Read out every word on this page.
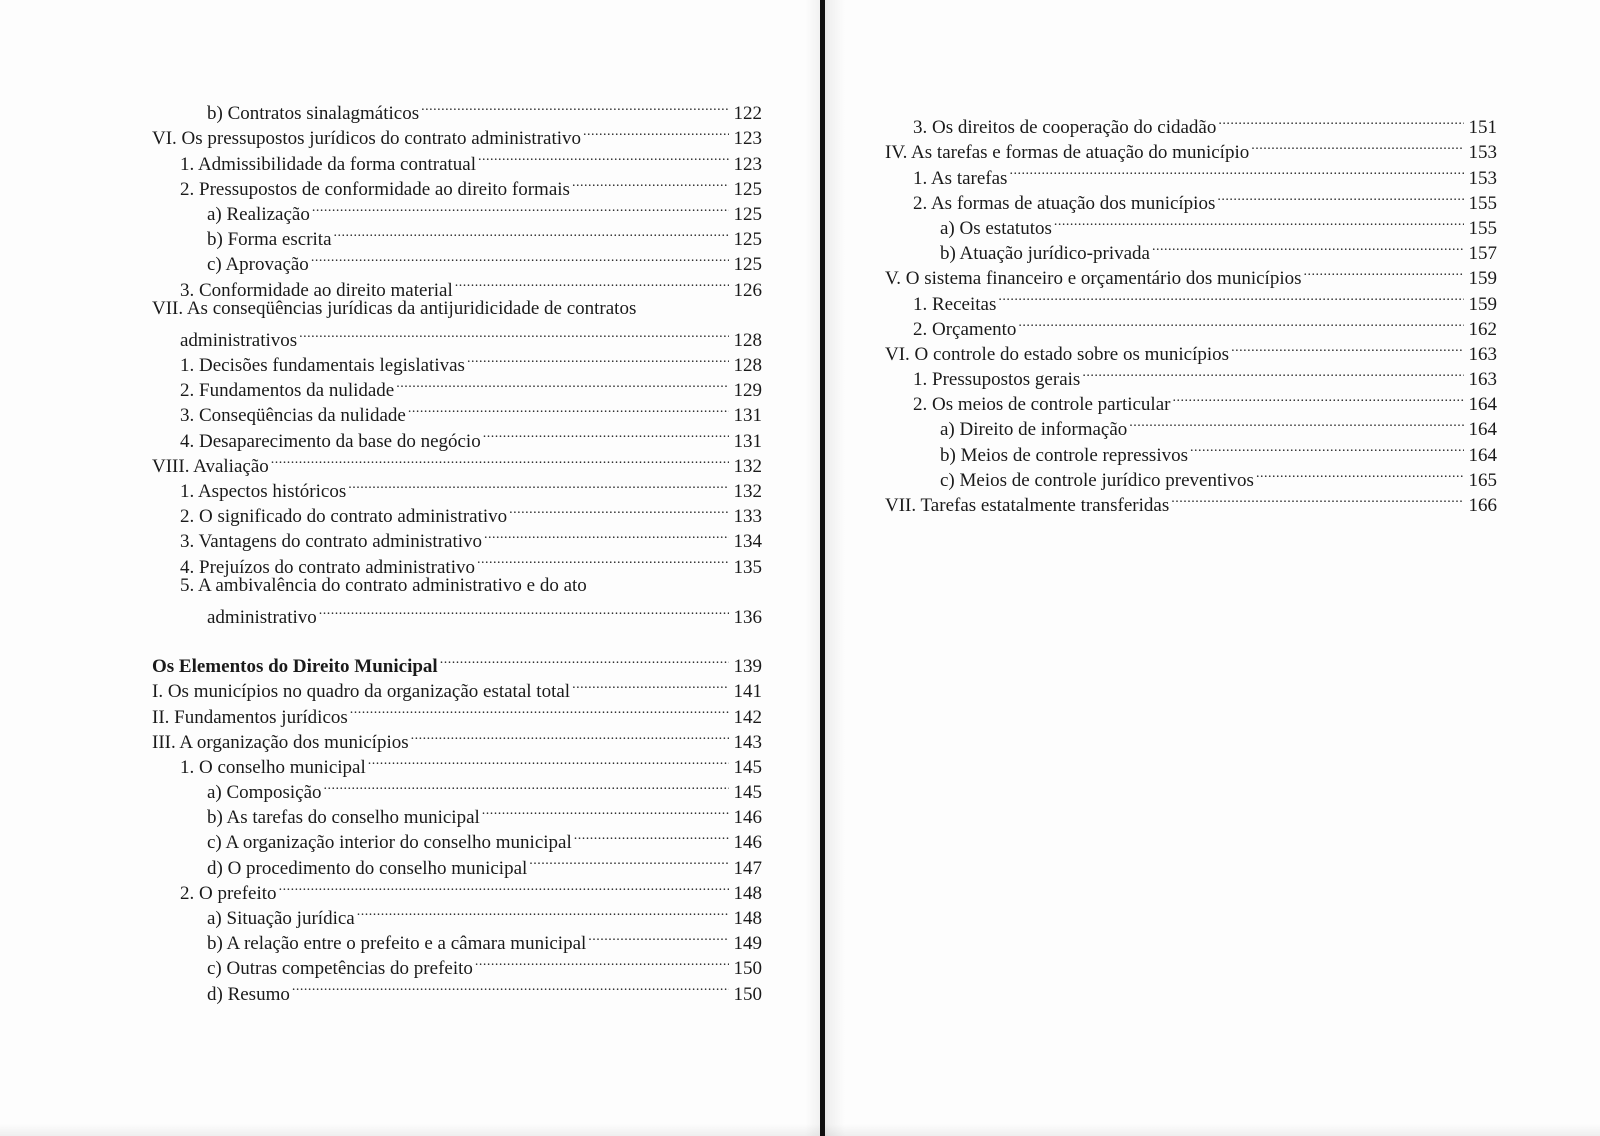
b) Contratos sinalagmáticos . . .	122
VI. Os pressupostos jurídicos do contrato administrativo . . .	123
1. Admissibilidade da forma contratual . . .	123
2. Pressupostos de conformidade ao direito formais . . .	125
a) Realização . . .	125
b) Forma escrita . . .	125
c) Aprovação . . .	125
3. Conformidade ao direito material . . .	126
VII. As conseqüências jurídicas da antijuridicidade de contratos
administrativos . . .	128
1. Decisões fundamentais legislativas . . .	128
2. Fundamentos da nulidade . . .	129
3. Conseqüências da nulidade . . .	131
4. Desaparecimento da base do negócio . . .	131
VIII. Avaliação . . .	132
1. Aspectos históricos . . .	132
2. O significado do contrato administrativo . . .	133
3. Vantagens do contrato administrativo . . .	134
4. Prejuízos do contrato administrativo . . .	135
5. A ambivalência do contrato administrativo e do ato
administrativo . . .	136
Os Elementos do Direito Municipal . . .	139
I. Os municípios no quadro da organização estatal total . . .	141
II. Fundamentos jurídicos . . .	142
III. A organização dos municípios . . .	143
1. O conselho municipal . . .	145
a) Composição . . .	145
b) As tarefas do conselho municipal . . .	146
c) A organização interior do conselho municipal . . .	146
d) O procedimento do conselho municipal . . .	147
2. O prefeito . . .	148
a) Situação jurídica . . .	148
b) A relação entre o prefeito e a câmara municipal . . .	149
c) Outras competências do prefeito . . .	150
d) Resumo . . .	150
3. Os direitos de cooperação do cidadão . . .	151
IV. As tarefas e formas de atuação do município . . .	153
1. As tarefas . . .	153
2. As formas de atuação dos municípios . . .	155
a) Os estatutos . . .	155
b) Atuação jurídico-privada . . .	157
V. O sistema financeiro e orçamentário dos municípios . . .	159
1. Receitas . . .	159
2. Orçamento . . .	162
VI. O controle do estado sobre os municípios . . .	163
1. Pressupostos gerais . . .	163
2. Os meios de controle particular . . .	164
a) Direito de informação . . .	164
b) Meios de controle repressivos . . .	164
c) Meios de controle jurídico preventivos . . .	165
VII. Tarefas estatalmente transferidas . . .	166
